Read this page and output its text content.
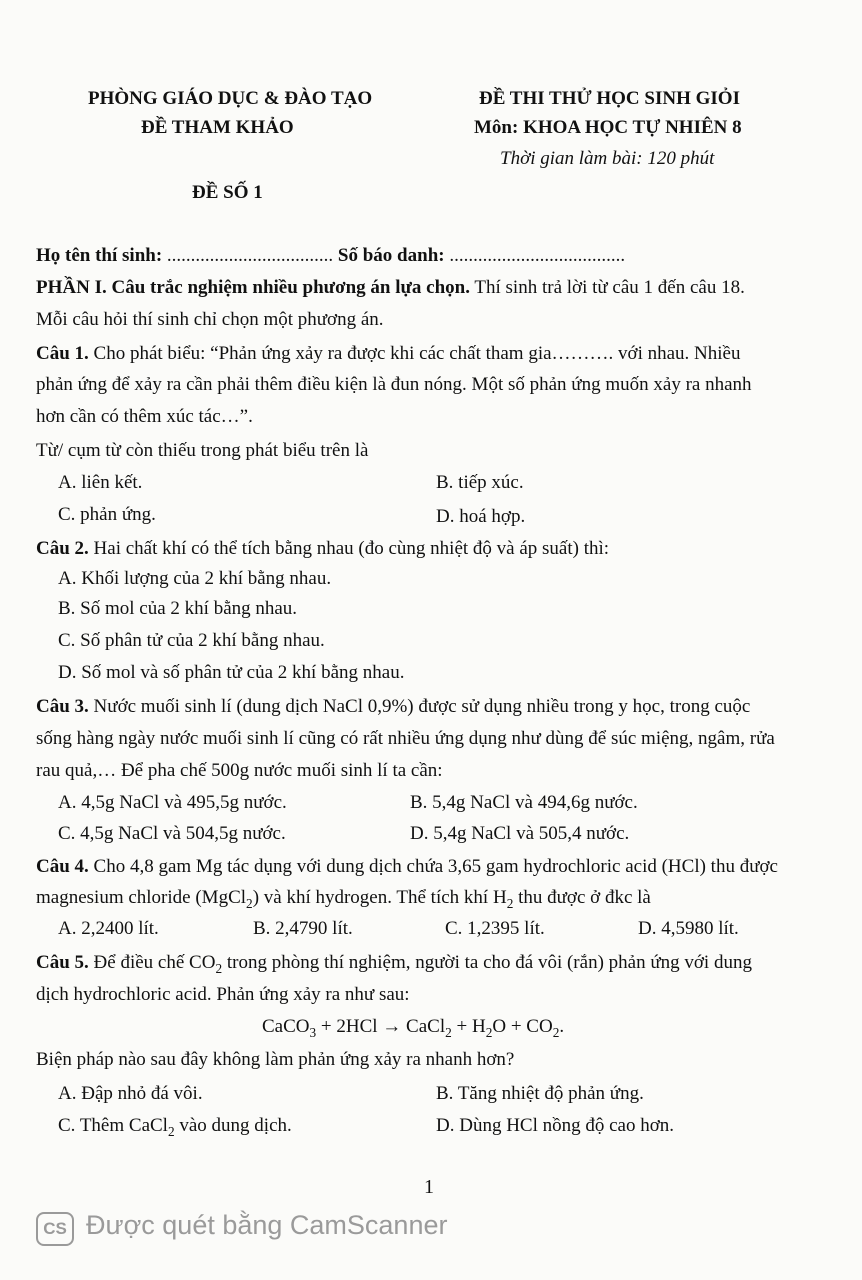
PHÒNG GIÁO DỤC & ĐÀO TẠO
ĐỀ THAM KHẢO
ĐỀ SỐ 1
ĐỀ THI THỬ HỌC SINH GIỎI
Môn: KHOA HỌC TỰ NHIÊN 8
Thời gian làm bài: 120 phút
Họ tên thí sinh: ................................... Số báo danh: .....................................
PHẦN I. Câu trắc nghiệm nhiều phương án lựa chọn. Thí sinh trả lời từ câu 1 đến câu 18.
Mỗi câu hỏi thí sinh chỉ chọn một phương án.
Câu 1. Cho phát biểu: “Phản ứng xảy ra được khi các chất tham gia………. với nhau. Nhiều
phản ứng để xảy ra cần phải thêm điều kiện là đun nóng. Một số phản ứng muốn xảy ra nhanh
hơn cần có thêm xúc tác…”.
Từ/ cụm từ còn thiếu trong phát biểu trên là
A. liên kết.	B. tiếp xúc.
C. phản ứng.	D. hoá hợp.
Câu 2. Hai chất khí có thể tích bằng nhau (đo cùng nhiệt độ và áp suất) thì:
A. Khối lượng của 2 khí bằng nhau.
B. Số mol của 2 khí bằng nhau.
C. Số phân tử của 2 khí bằng nhau.
D. Số mol và số phân tử của 2 khí bằng nhau.
Câu 3. Nước muối sinh lí (dung dịch NaCl 0,9%) được sử dụng nhiều trong y học, trong cuộc
sống hàng ngày nước muối sinh lí cũng có rất nhiều ứng dụng như dùng để súc miệng, ngâm, rửa
rau quả,… Để pha chế 500g nước muối sinh lí ta cần:
A. 4,5g NaCl và 495,5g nước.	B. 5,4g NaCl và 494,6g nước.
C. 4,5g NaCl và 504,5g nước.	D. 5,4g NaCl và 505,4 nước.
Câu 4. Cho 4,8 gam Mg tác dụng với dung dịch chứa 3,65 gam hydrochloric acid (HCl) thu được
magnesium chloride (MgCl$_2$) và khí hydrogen. Thể tích khí $H_2$ thu được ở đkc là
A. 2,2400 lít.	B. 2,4790 lít.	C. 1,2395 lít.	D. 4,5980 lít.
Câu 5. Để điều chế $CO_2$ trong phòng thí nghiệm, người ta cho đá vôi (rắn) phản ứng với dung
dịch hydrochloric acid. Phản ứng xảy ra như sau:
CaCO$_3$ + 2HCl → CaCl$_2$ + $H_2O + CO_2$.
Biện pháp nào sau đây không làm phản ứng xảy ra nhanh hơn?
A. Đập nhỏ đá vôi.	B. Tăng nhiệt độ phản ứng.
C. Thêm CaCl$_2$ vào dung dịch.	D. Dùng HCl nồng độ cao hơn.
1
CS Được quét bằng CamScanner
